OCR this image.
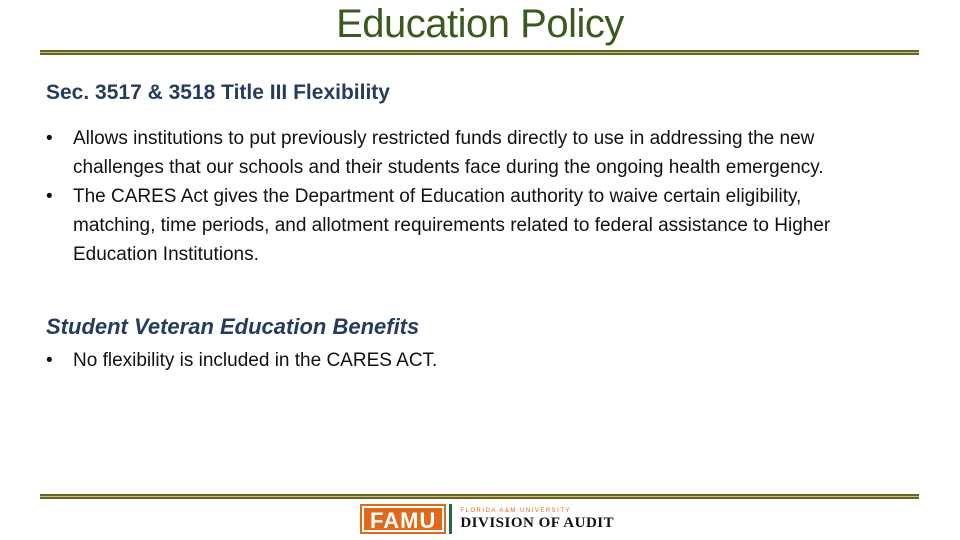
Education Policy
Sec. 3517 & 3518 Title III Flexibility
• Allows institutions to put previously restricted funds directly to use in addressing the new challenges that our schools and their students face during the ongoing health emergency.
• The CARES Act gives the Department of Education authority to waive certain eligibility, matching, time periods, and allotment requirements related to federal assistance to Higher Education Institutions.
Student Veteran Education Benefits
• No flexibility is included in the CARES ACT.
FAMU	FLORIDA A&M UNIVERSITY
DIVISION OF AUDIT
